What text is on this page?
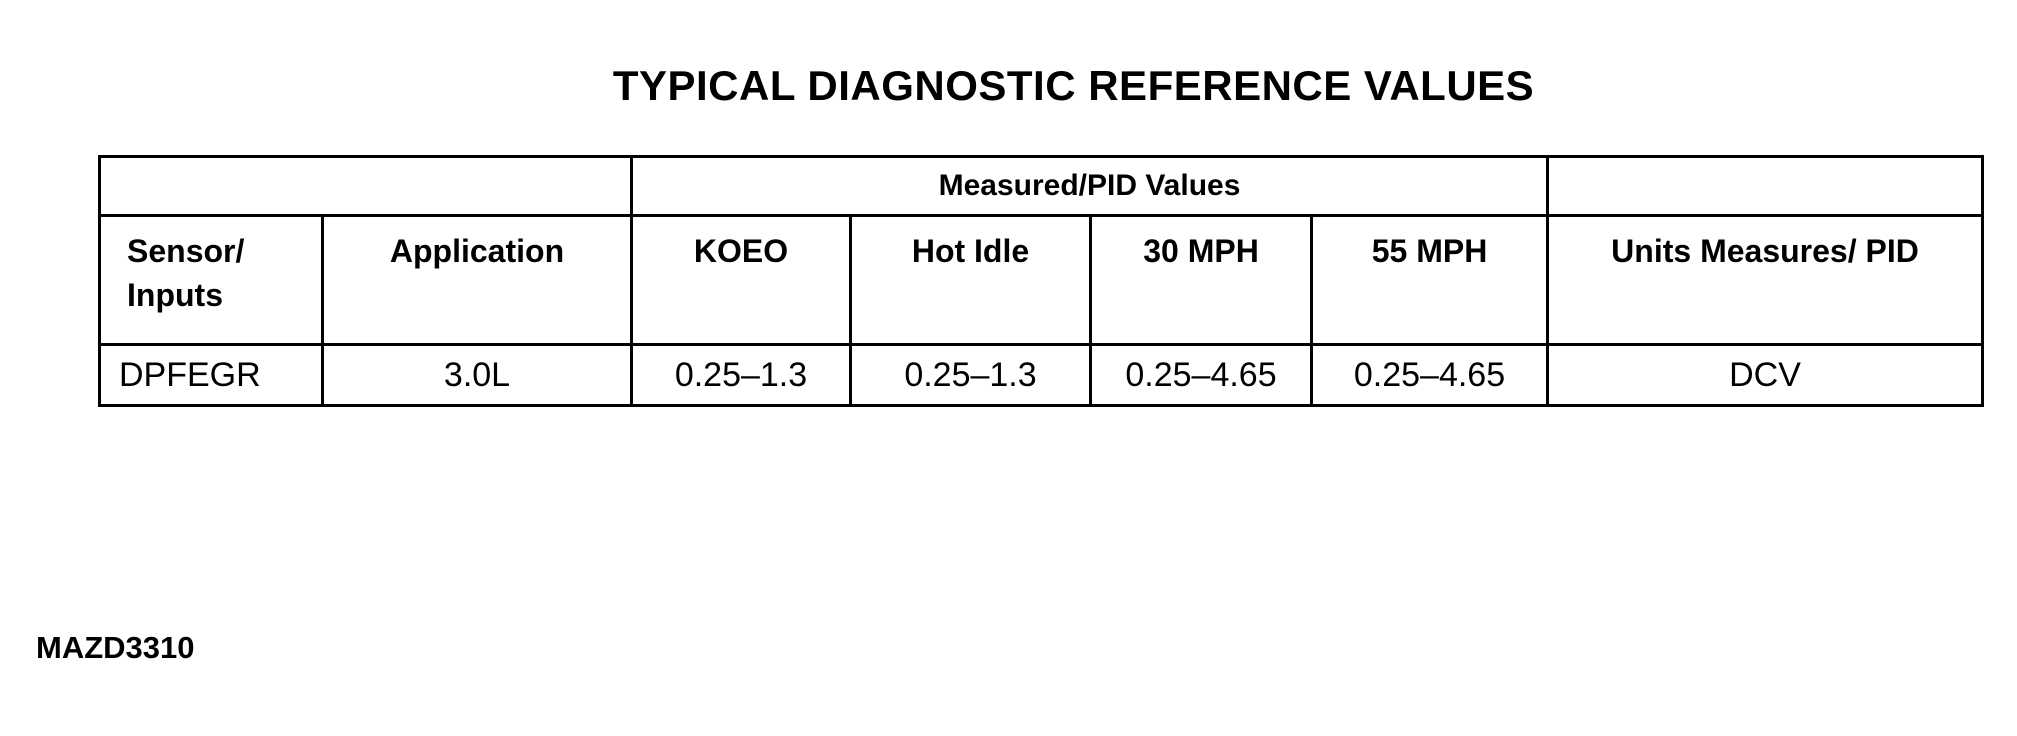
TYPICAL DIAGNOSTIC REFERENCE VALUES
		Measured/PID Values				
Sensor/ Inputs	Application	KOEO	Hot Idle	30 MPH	55 MPH	Units Measures/ PID
DPFEGR	3.0L	0.25–1.3	0.25–1.3	0.25–4.65	0.25–4.65	DCV
MAZD3310
